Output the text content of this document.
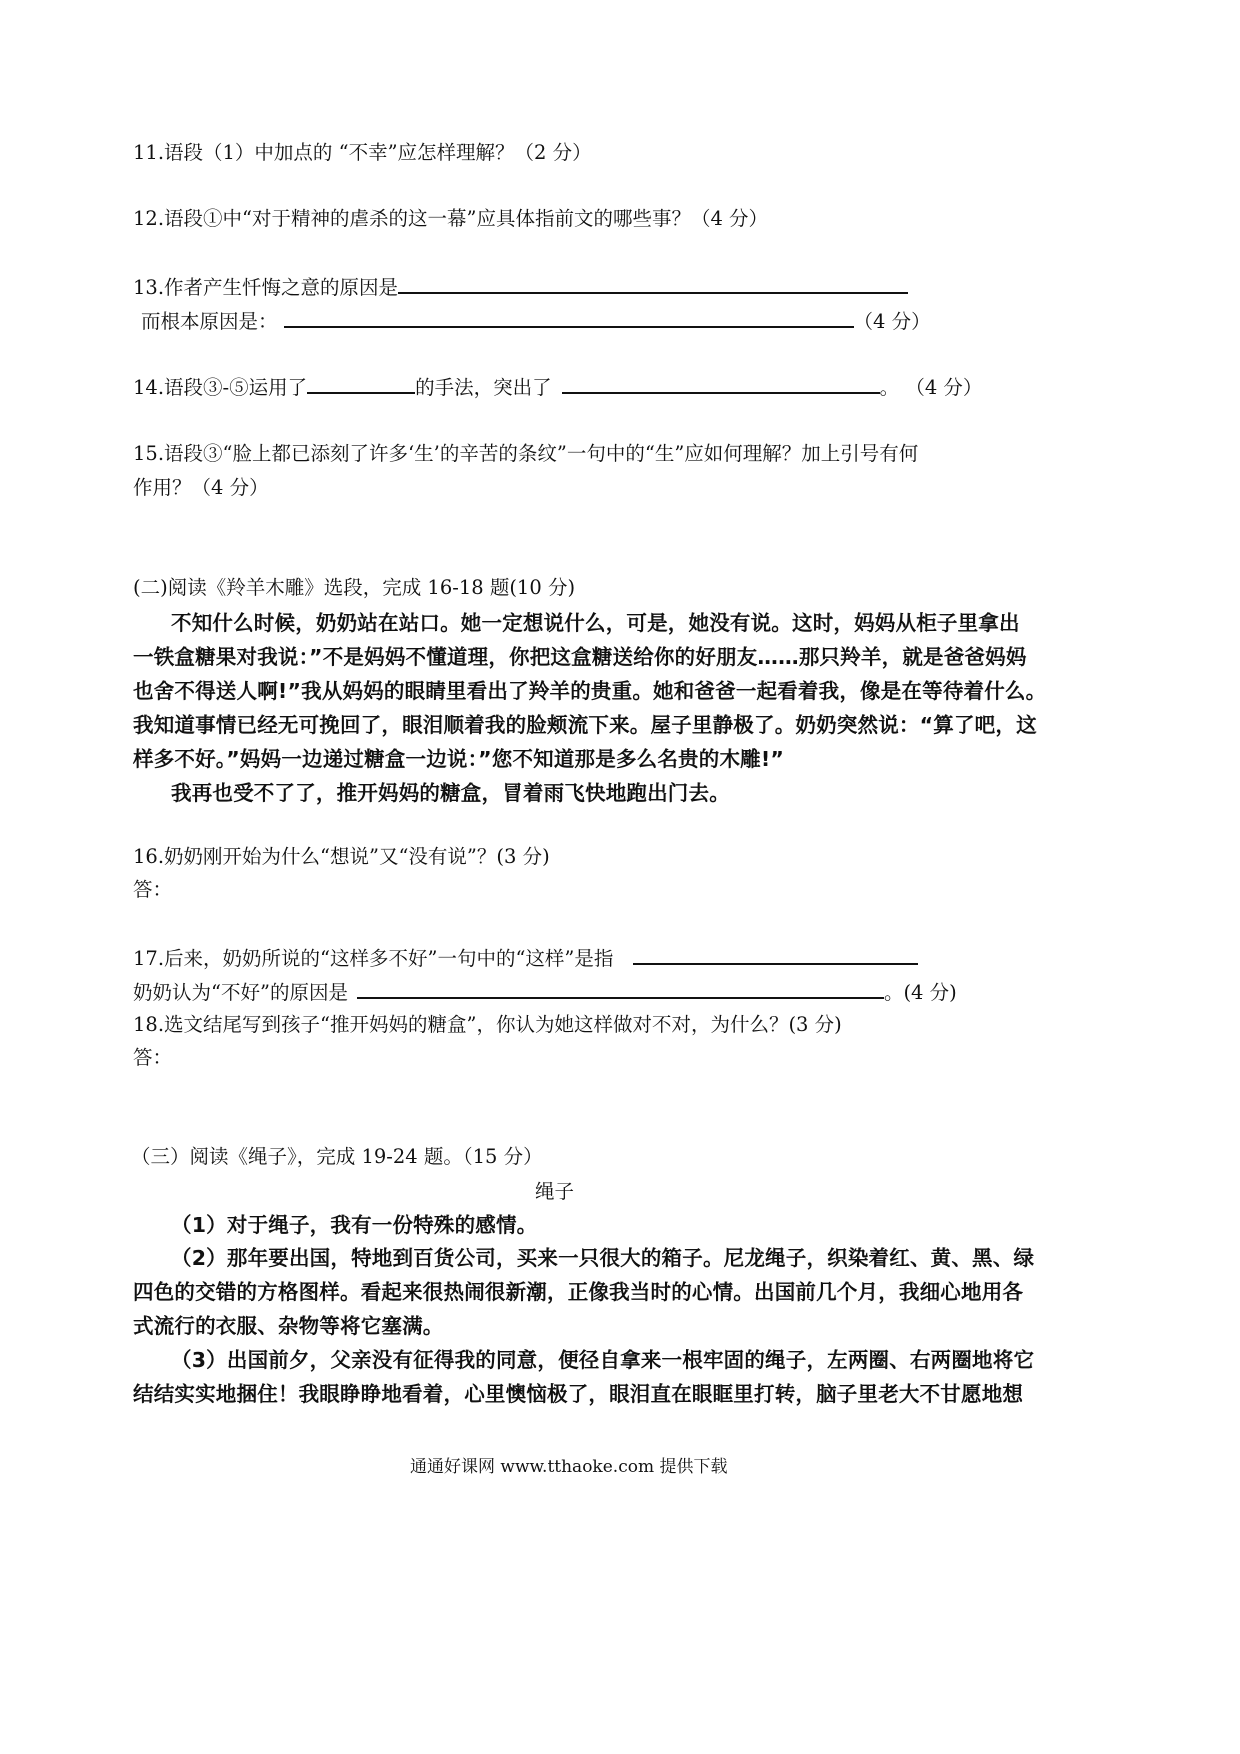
11.语段（1）中加点的 “不幸”应怎样理解？（2 分）
12.语段①中“对于精神的虐杀的这一幕”应具体指前文的哪些事？（4 分）
13.作者产生忏悔之意的原因是
而根本原因是：	（4 分）
14.语段③-⑤运用了	的手法，突出了	。 （4 分）
15.语段③“脸上都已添刻了许多‘生’的辛苦的条纹”一句中的“生”应如何理解？加上引号有何
作用？（4 分）
(二)阅读《羚羊木雕》选段，完成 16-18 题(10 分)
不知什么时候，奶奶站在站口。她一定想说什么，可是，她没有说。这时，妈妈从柜子里拿出
一铁盒糖果对我说：”不是妈妈不懂道理，你把这盒糖送给你的好朋友……那只羚羊，就是爸爸妈妈
也舍不得送人啊!”我从妈妈的眼睛里看出了羚羊的贵重。她和爸爸一起看着我，像是在等待着什么。
我知道事情已经无可挽回了，眼泪顺着我的脸颊流下来。屋子里静极了。奶奶突然说：“算了吧，这
样多不好。”妈妈一边递过糖盒一边说：”您不知道那是多么名贵的木雕!”
我再也受不了了，推开妈妈的糖盒，冒着雨飞快地跑出门去。
16.奶奶刚开始为什么“想说”又“没有说”？(3 分)
答：
17.后来，奶奶所说的“这样多不好”一句中的“这样”是指
奶奶认为“不好”的原因是	。(4 分)
18.选文结尾写到孩子“推开妈妈的糖盒”，你认为她这样做对不对，为什么？(3 分)
答：
（三）阅读《绳子》，完成 19-24 题。（15 分）
绳子
（1）对于绳子，我有一份特殊的感情。
（2）那年要出国，特地到百货公司，买来一只很大的箱子。尼龙绳子，织染着红、黄、黑、绿
四色的交错的方格图样。看起来很热闹很新潮，正像我当时的心情。出国前几个月，我细心地用各
式流行的衣服、杂物等将它塞满。
（3）出国前夕，父亲没有征得我的同意，便径自拿来一根牢固的绳子，左两圈、右两圈地将它
结结实实地捆住！我眼睁睁地看着，心里懊恼极了，眼泪直在眼眶里打转，脑子里老大不甘愿地想
通通好课网 www.tthaoke.com 提供下载
